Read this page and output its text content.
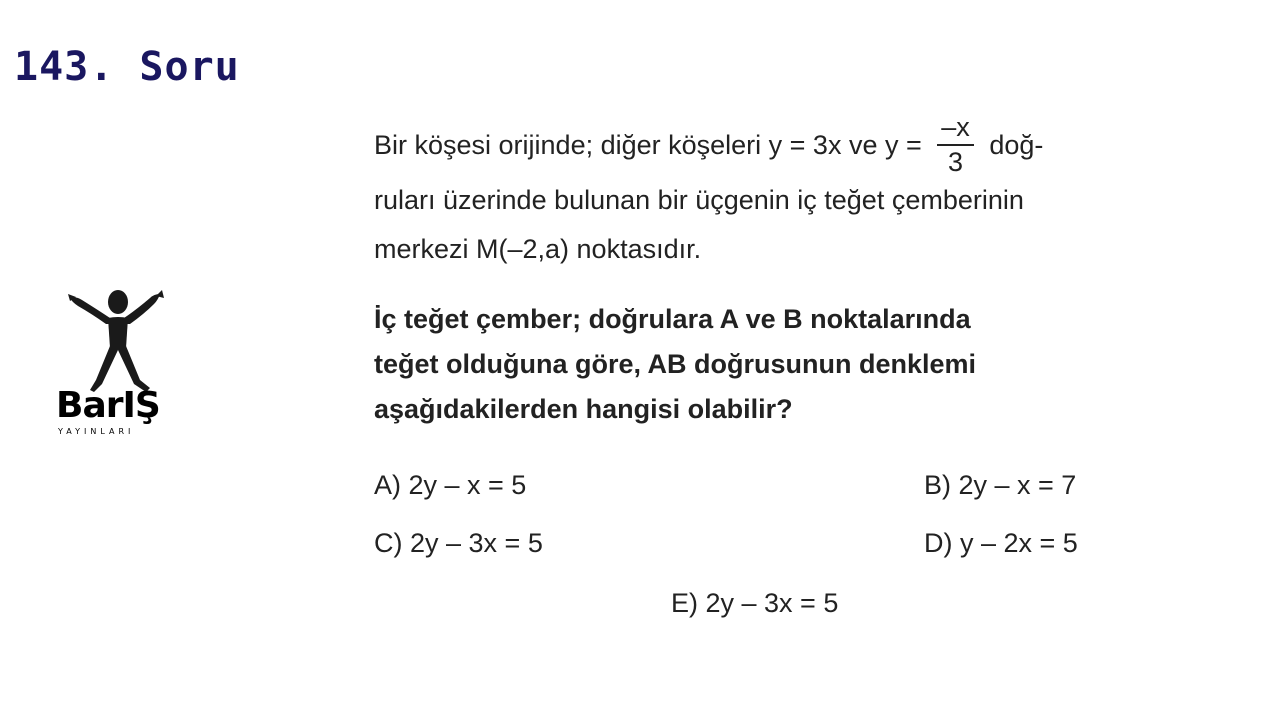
143. Soru
BarIŞ
YAYINLARI
Bir köşesi orijinde; diğer köşeleri y = 3x ve $y = \frac{-x}{3}$ doğ-
ruları üzerinde bulunan bir üçgenin iç teğet çemberinin
merkezi M(–2,a) noktasıdır.
İç teğet çember; doğrulara A ve B noktalarında
teğet olduğuna göre, AB doğrusunun denklemi
aşağıdakilerden hangisi olabilir?
A) 2y – x = 5	B) 2y – x = 7
C) 2y – 3x = 5	D) y – 2x = 5
E) 2y – 3x = 5
